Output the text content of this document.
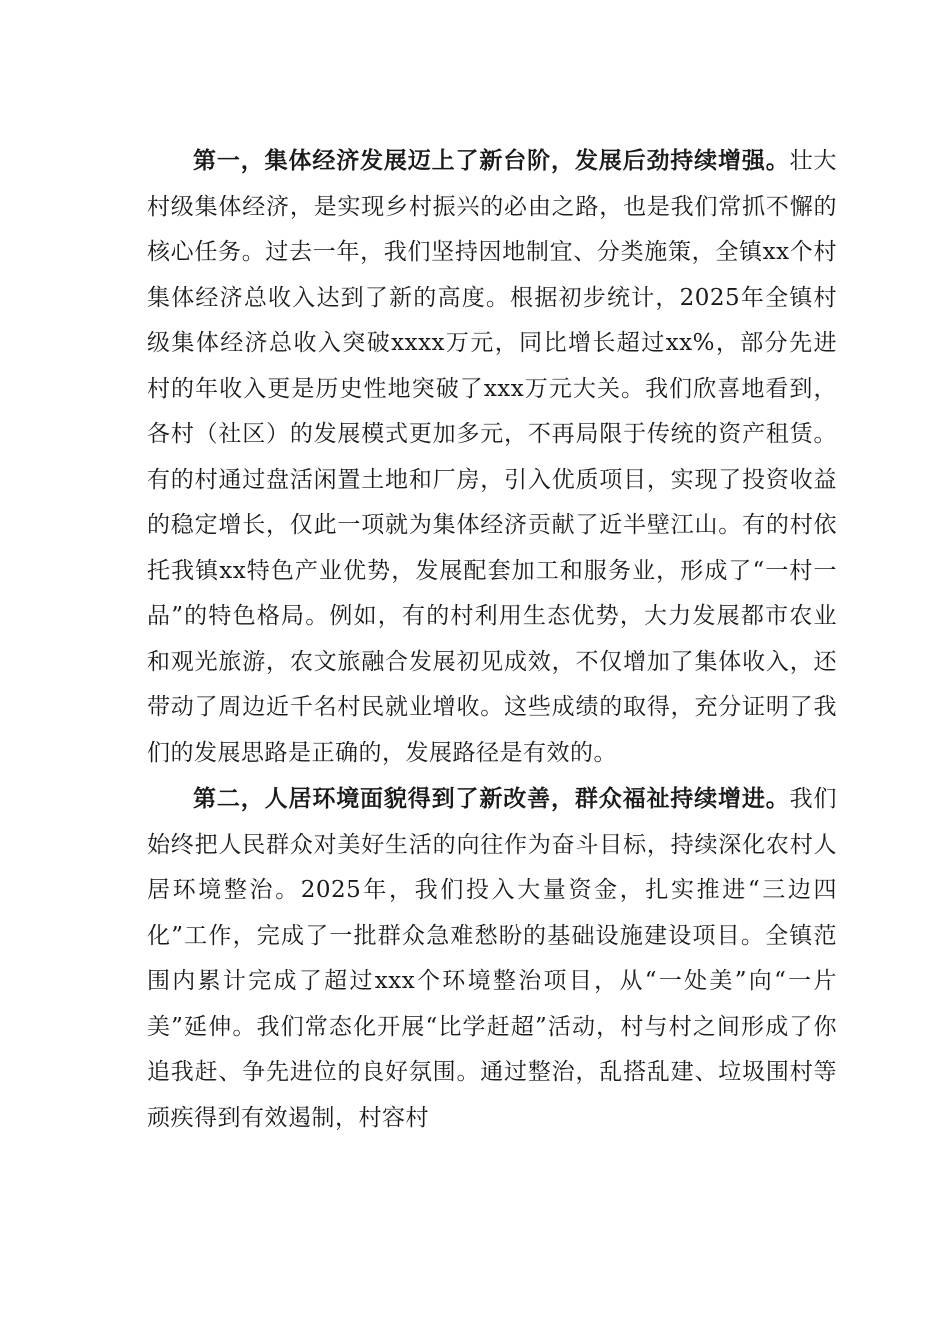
第一，集体经济发展迈上了新台阶，发展后劲持续增强。壮大村级集体经济，是实现乡村振兴的必由之路，也是我们常抓不懈的核心任务。过去一年，我们坚持因地制宜、分类施策，全镇xx个村集体经济总收入达到了新的高度。根据初步统计，2025年全镇村级集体经济总收入突破xxxx万元，同比增长超过xx%，部分先进村的年收入更是历史性地突破了xxx万元大关。我们欣喜地看到，各村（社区）的发展模式更加多元，不再局限于传统的资产租赁。有的村通过盘活闲置土地和厂房，引入优质项目，实现了投资收益的稳定增长，仅此一项就为集体经济贡献了近半壁江山。有的村依托我镇xx特色产业优势，发展配套加工和服务业，形成了“一村一品”的特色格局。例如，有的村利用生态优势，大力发展都市农业和观光旅游，农文旅融合发展初见成效，不仅增加了集体收入，还带动了周边近千名村民就业增收。这些成绩的取得，充分证明了我们的发展思路是正确的，发展路径是有效的。

第二，人居环境面貌得到了新改善，群众福祉持续增进。我们始终把人民群众对美好生活的向往作为奋斗目标，持续深化农村人居环境整治。2025年，我们投入大量资金，扎实推进“三边四化”工作，完成了一批群众急难愁盼的基础设施建设项目。全镇范围内累计完成了超过xxx个环境整治项目，从“一处美”向“一片美”延伸。我们常态化开展“比学赶超”活动，村与村之间形成了你追我赶、争先进位的良好氛围。通过整治，乱搭乱建、垃圾围村等顽疾得到有效遏制，村容村
